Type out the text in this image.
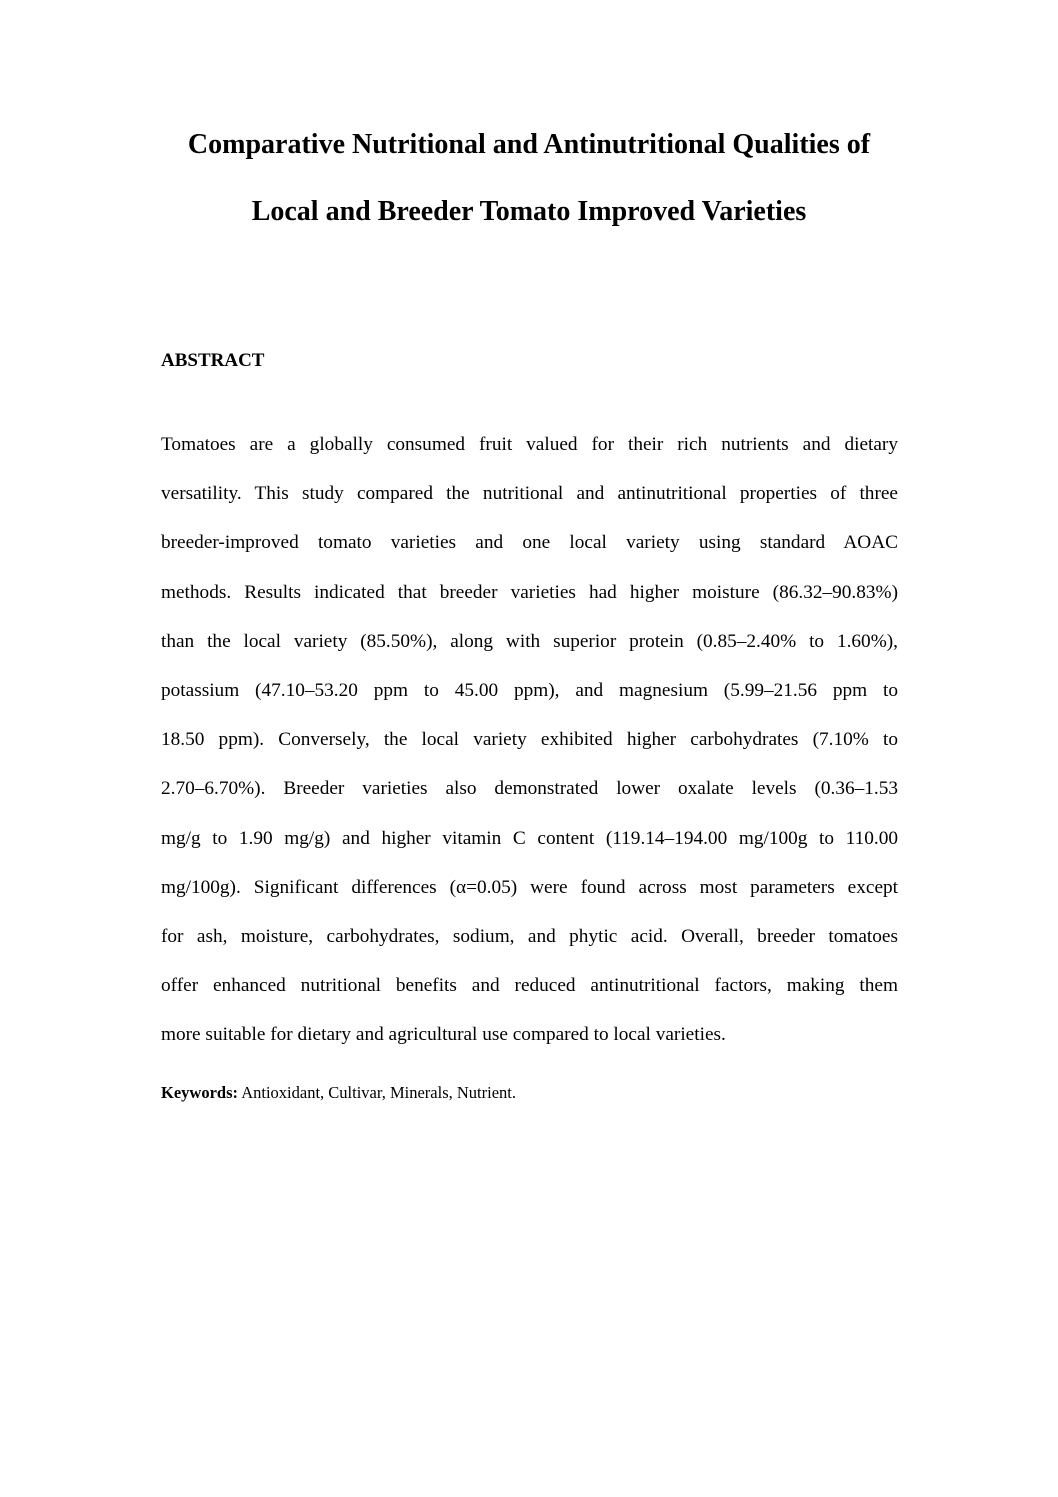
Comparative Nutritional and Antinutritional Qualities of
Local and Breeder Tomato Improved Varieties
ABSTRACT
Tomatoes are a globally consumed fruit valued for their rich nutrients and dietary
versatility. This study compared the nutritional and antinutritional properties of three
breeder-improved tomato varieties and one local variety using standard AOAC
methods. Results indicated that breeder varieties had higher moisture (86.32–90.83%)
than the local variety (85.50%), along with superior protein (0.85–2.40% to 1.60%),
potassium (47.10–53.20 ppm to 45.00 ppm), and magnesium (5.99–21.56 ppm to
18.50 ppm). Conversely, the local variety exhibited higher carbohydrates (7.10% to
2.70–6.70%). Breeder varieties also demonstrated lower oxalate levels (0.36–1.53
mg/g to 1.90 mg/g) and higher vitamin C content (119.14–194.00 mg/100g to 110.00
mg/100g). Significant differences (α=0.05) were found across most parameters except
for ash, moisture, carbohydrates, sodium, and phytic acid. Overall, breeder tomatoes
offer enhanced nutritional benefits and reduced antinutritional factors, making them
more suitable for dietary and agricultural use compared to local varieties.
Keywords: Antioxidant, Cultivar, Minerals, Nutrient.
